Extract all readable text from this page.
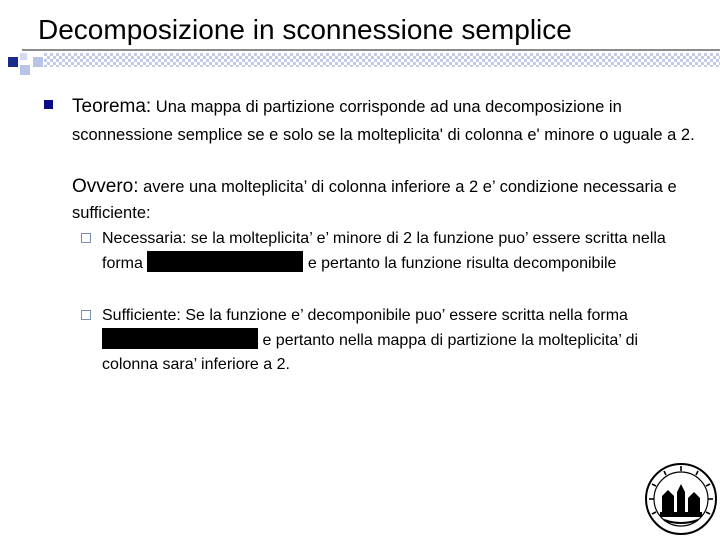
Decomposizione in sconnessione semplice
Teorema: Una mappa di partizione corrisponde ad una decomposizione in sconnessione semplice se e solo se la molteplicita' di colonna e' minore o uguale a 2.
Ovvero: avere una molteplicita’ di colonna inferiore a 2 e’ condizione necessaria e sufficiente:
Necessaria: se la molteplicita’ e’ minore di 2 la funzione puo’ essere scritta nella forma	e pertanto la funzione risulta decomponibile
Sufficiente: Se la funzione e’ decomponibile puo’ essere scritta nella forma  e pertanto nella mappa di partizione la molteplicita’ di colonna sara’ inferiore a 2.
